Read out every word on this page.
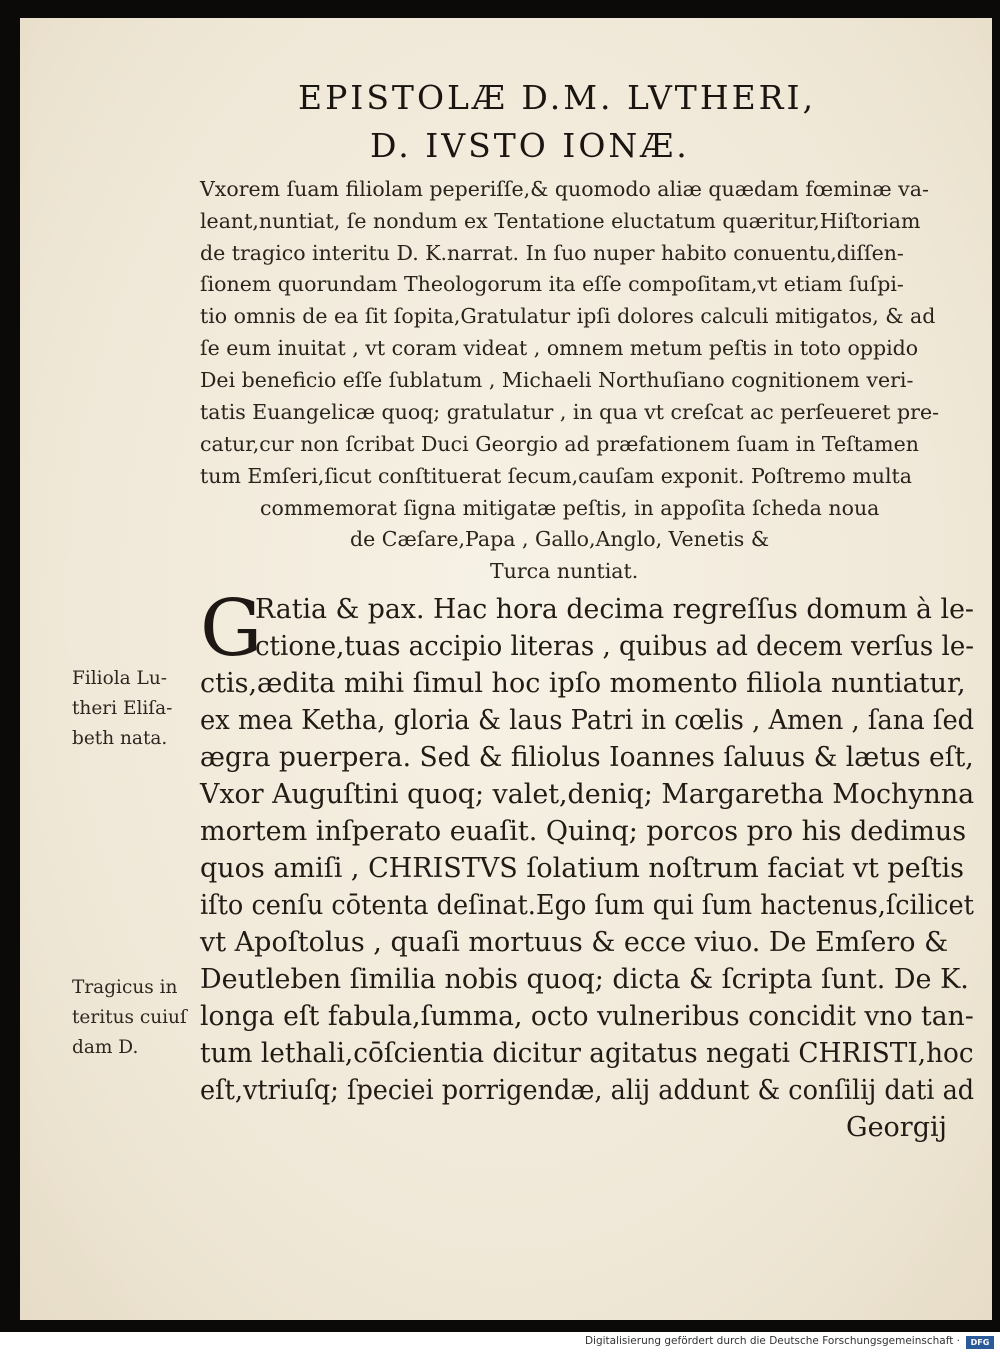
EPISTOLÆ D.M. LVTHERI,
D. IVSTO IONÆ.
Vxorem ſuam filiolam peperiſſe,& quomodo aliæ quædam fœminæ va-
leant,nuntiat, ſe nondum ex Tentatione eluctatum quæritur,Hiſtoriam
de tragico interitu D. K.narrat. In ſuo nuper habito conuentu,diſſen-
ſionem quorundam Theologorum ita eſſe compoſitam,vt etiam ſuſpi-
tio omnis de ea ſit ſopita,Gratulatur ipſi dolores calculi mitigatos, & ad
ſe eum inuitat , vt coram videat , omnem metum peſtis in toto oppido
Dei beneficio eſſe ſublatum , Michaeli Northuſiano cognitionem veri-
tatis Euangelicæ quoq; gratulatur , in qua vt creſcat ac perſeueret pre-
catur,cur non ſcribat Duci Georgio ad præfationem ſuam in Teſtamen
tum Emſeri,ſicut conſtituerat ſecum,cauſam exponit. Poſtremo multa
commemorat ſigna mitigatæ peſtis, in appoſita ſcheda noua
de Cæſare,Papa , Gallo,Anglo, Venetis &
Turca nuntiat.
G
Ratia & pax. Hac hora decima regreſſus domum à le-
ctione,tuas accipio literas , quibus ad decem verſus le-
ctis,ædita mihi ſimul hoc ipſo momento filiola nuntiatur,
ex mea Ketha, gloria & laus Patri in cœlis , Amen , ſana ſed
ægra puerpera. Sed & filiolus Ioannes ſaluus & lætus eſt,
Vxor Auguſtini quoq; valet,deniq; Margaretha Mochynna
mortem inſperato euaſit. Quinq; porcos pro his dedimus
quos amiſi , CHRISTVS ſolatium noſtrum faciat vt peſtis
iſto cenſu cōtenta deſinat.Ego ſum qui ſum hactenus,ſcilicet
vt Apoſtolus , quaſi mortuus & ecce viuo. De Emſero &
Deutleben ſimilia nobis quoq; dicta & ſcripta ſunt. De K.
longa eſt fabula,ſumma, octo vulneribus concidit vno tan-
tum lethali,cōſcientia dicitur agitatus negati CHRISTI,hoc
eſt,vtriuſq; ſpeciei porrigendæ, alij addunt & conſilij dati ad
Georgij
Filiola Lu-
theri Eliſa-
beth nata.
Tragicus in
teritus cuiuſ
dam D.
Digitalisierung gefördert durch die Deutsche Forschungsgemeinschaft ·	DFG
